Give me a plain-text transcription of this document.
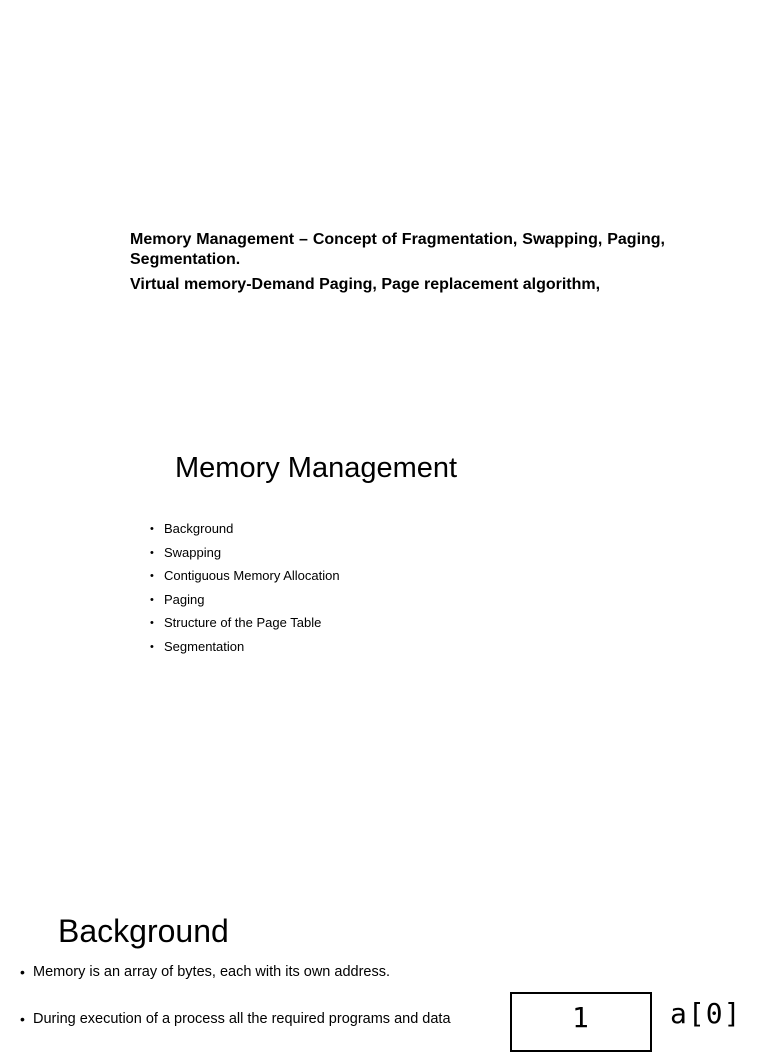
Memory Management – Concept of Fragmentation, Swapping, Paging, Segmentation.

Virtual memory-Demand Paging, Page replacement algorithm,

Memory Management
• Background
• Swapping
• Contiguous Memory Allocation
• Paging
• Structure of the Page Table
• Segmentation
Background
• Memory is an array of bytes, each with its own address.
• During execution of a process all the required programs and data	1	a[0]
